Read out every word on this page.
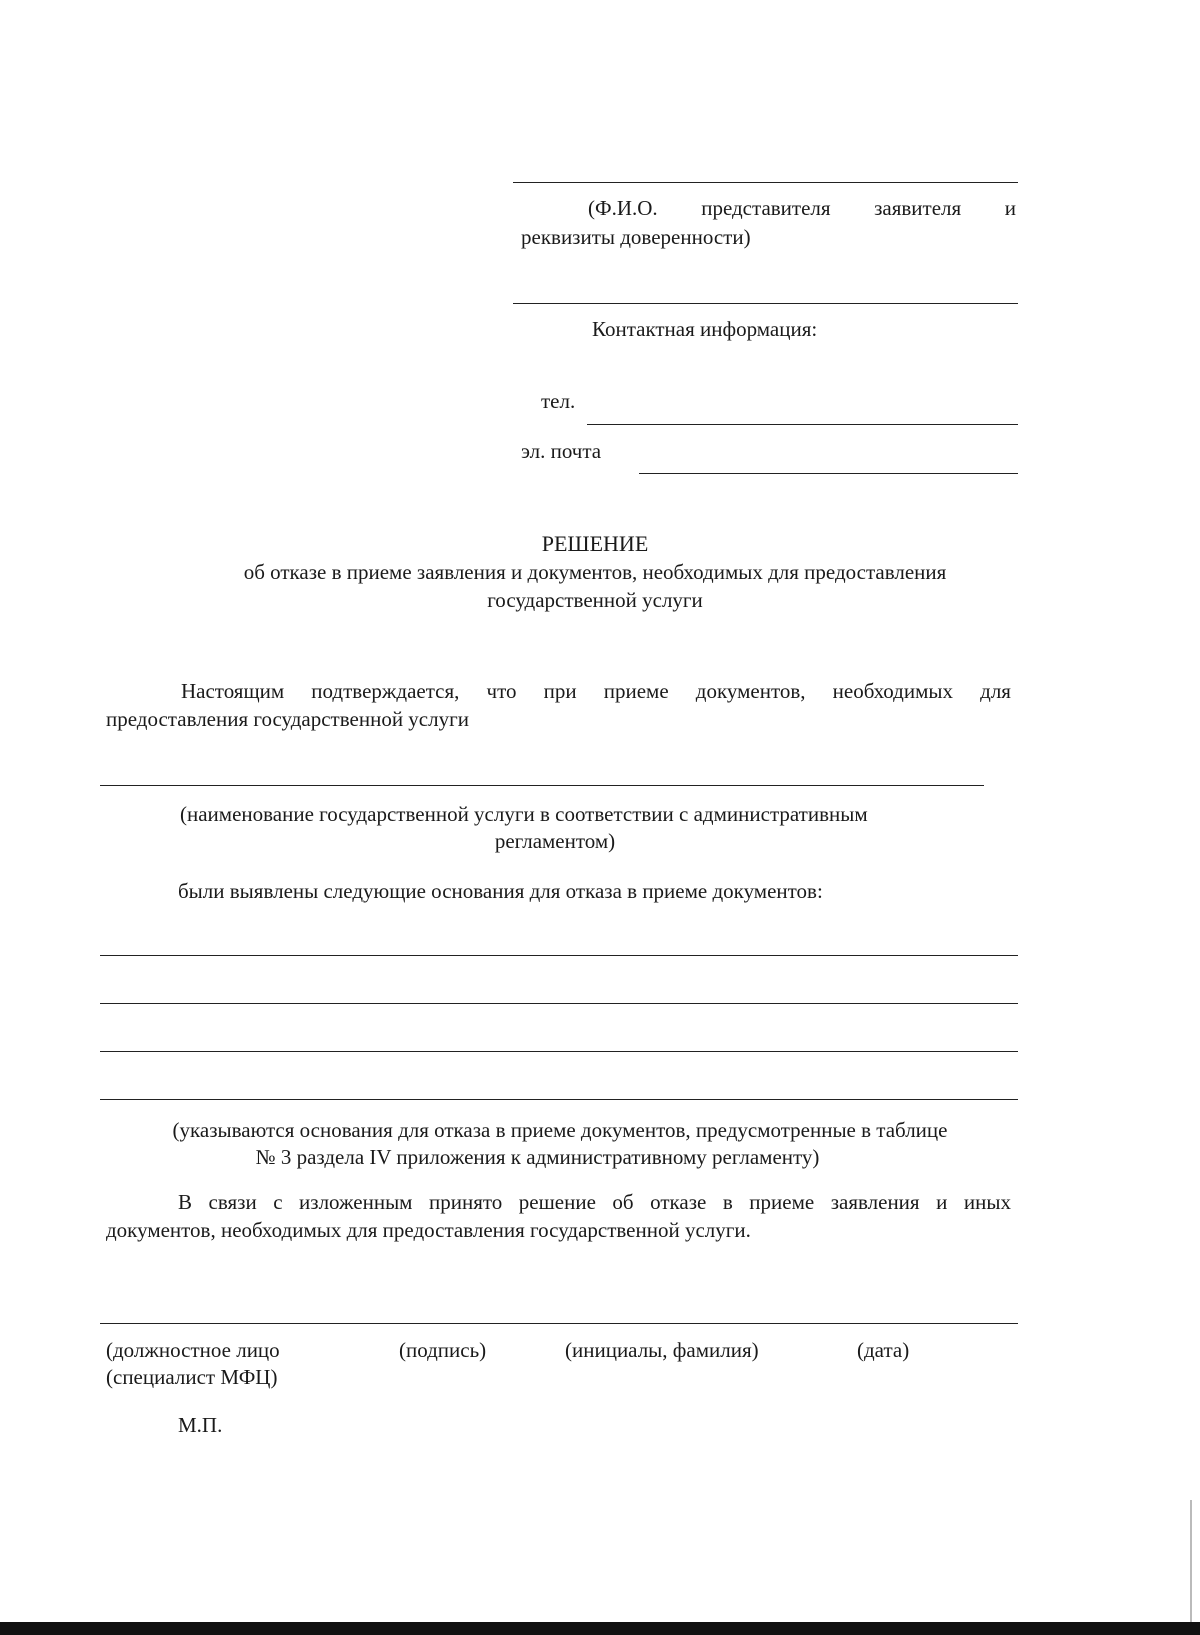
(Ф.И.О. представителя заявителя и
реквизиты доверенности)
Контактная информация:
тел.
эл. почта
РЕШЕНИЕ
об отказе в приеме заявления и документов, необходимых для предоставления
государственной услуги
Настоящим подтверждается, что при приеме документов, необходимых для
предоставления государственной услуги
(наименование государственной услуги в соответствии с административным
регламентом)
были выявлены следующие основания для отказа в приеме документов:
(указываются основания для отказа в приеме документов, предусмотренные в таблице
№ 3 раздела IV приложения к административному регламенту)
В связи с изложенным принято решение об отказе в приеме заявления и иных
документов, необходимых для предоставления государственной услуги.
(должностное лицо
(специалист МФЦ)
(подпись)	(инициалы, фамилия)	(дата)
М.П.
